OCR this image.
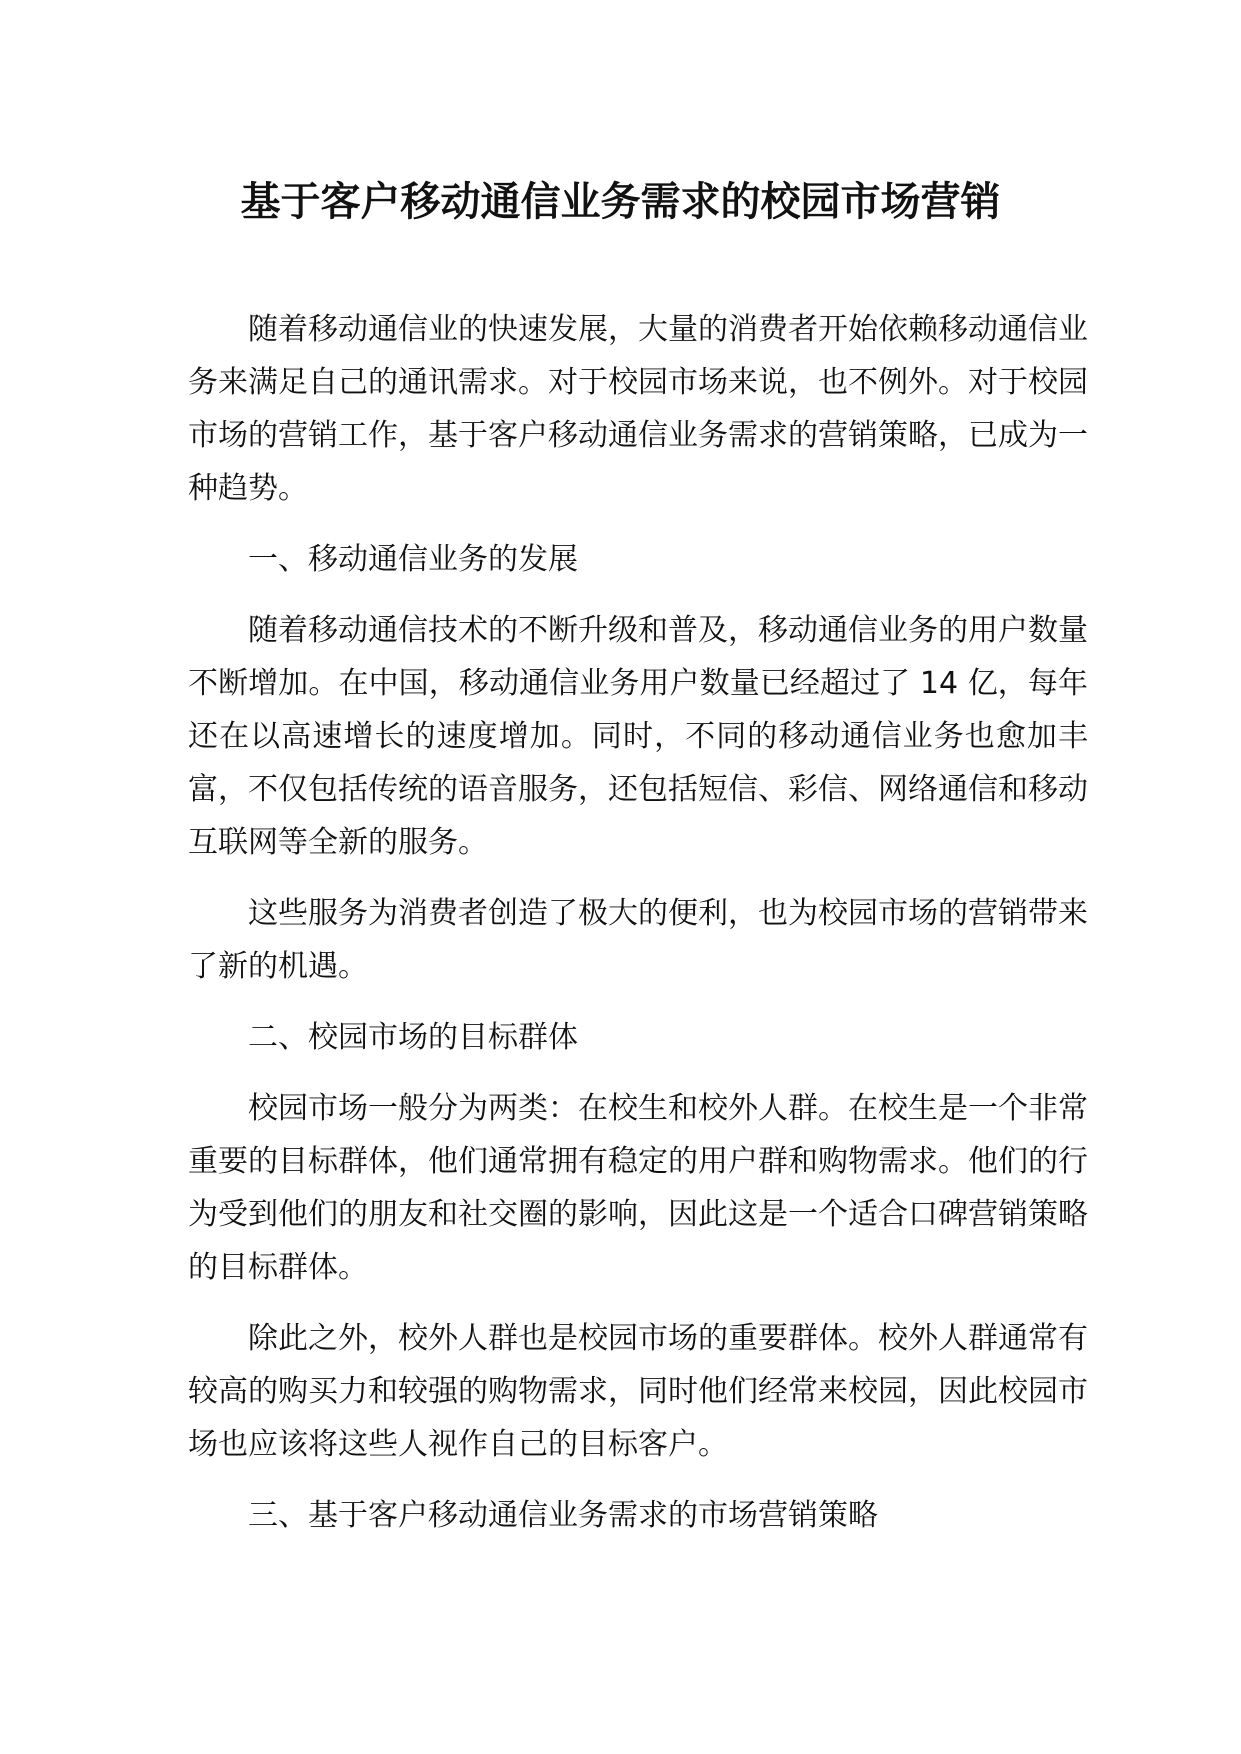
基于客户移动通信业务需求的校园市场营销

随着移动通信业的快速发展，大量的消费者开始依赖移动通信业务来满足自己的通讯需求。对于校园市场来说，也不例外。对于校园市场的营销工作，基于客户移动通信业务需求的营销策略，已成为一种趋势。

一、移动通信业务的发展

随着移动通信技术的不断升级和普及，移动通信业务的用户数量不断增加。在中国，移动通信业务用户数量已经超过了 14 亿，每年还在以高速增长的速度增加。同时，不同的移动通信业务也愈加丰富，不仅包括传统的语音服务，还包括短信、彩信、网络通信和移动互联网等全新的服务。

这些服务为消费者创造了极大的便利，也为校园市场的营销带来了新的机遇。

二、校园市场的目标群体

校园市场一般分为两类：在校生和校外人群。在校生是一个非常重要的目标群体，他们通常拥有稳定的用户群和购物需求。他们的行为受到他们的朋友和社交圈的影响，因此这是一个适合口碑营销策略的目标群体。

除此之外，校外人群也是校园市场的重要群体。校外人群通常有较高的购买力和较强的购物需求，同时他们经常来校园，因此校园市场也应该将这些人视作自己的目标客户。

三、基于客户移动通信业务需求的市场营销策略
